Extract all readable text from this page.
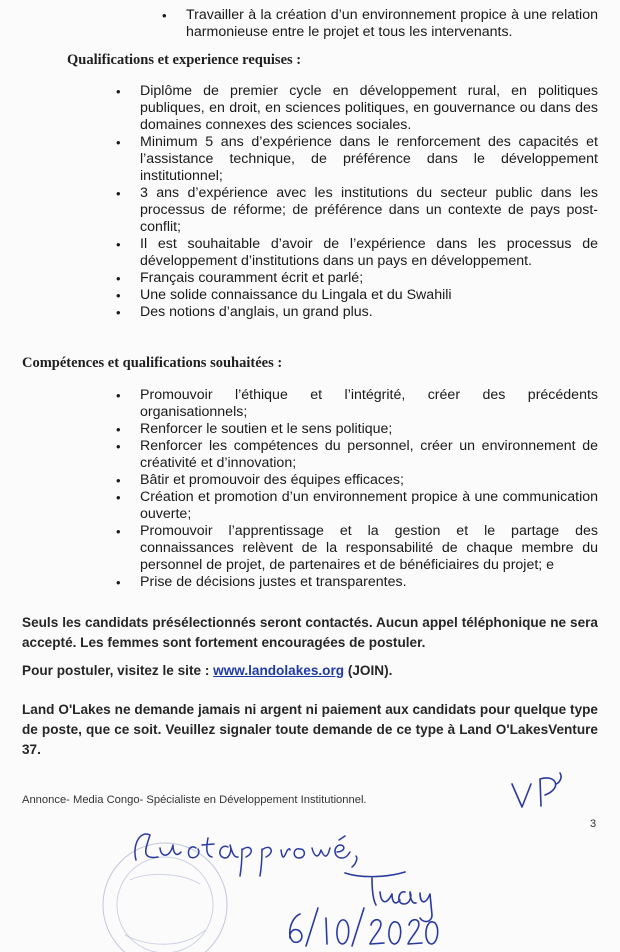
•	Travailler à la création d’un environnement propice à une relation harmonieuse entre le projet et tous les intervenants.
Qualifications et experience requises :
•	Diplôme de premier cycle en développement rural, en politiques publiques, en droit, en sciences politiques, en gouvernance ou dans des domaines connexes des sciences sociales.
•	Minimum 5 ans d’expérience dans le renforcement des capacités et l’assistance technique, de préférence dans le développement institutionnel;
•	3 ans d’expérience avec les institutions du secteur public dans les processus de réforme; de préférence dans un contexte de pays post-conflit;
•	Il est souhaitable d’avoir de l’expérience dans les processus de développement d’institutions dans un pays en développement.
•	Français couramment écrit et parlé;
•	Une solide connaissance du Lingala et du Swahili
•	Des notions d’anglais, un grand plus.
Compétences et qualifications souhaitées :
•	Promouvoir l’éthique et l’intégrité, créer des précédents organisationnels;
•	Renforcer le soutien et le sens politique;
•	Renforcer les compétences du personnel, créer un environnement de créativité et d’innovation;
•	Bâtir et promouvoir des équipes efficaces;
•	Création et promotion d’un environnement propice à une communication ouverte;
•	Promouvoir l’apprentissage et la gestion et le partage des connaissances relèvent de la responsabilité de chaque membre du personnel de projet, de partenaires et de bénéficiaires du projet; e
•	Prise de décisions justes et transparentes.
Seuls les candidats présélectionnés seront contactés. Aucun appel téléphonique ne sera accepté. Les femmes sont fortement encouragées de postuler.
Pour postuler, visitez le site : www.landolakes.org (JOIN).
Land O'Lakes ne demande jamais ni argent ni paiement aux candidats pour quelque type de poste, que ce soit. Veuillez signaler toute demande de ce type à Land O'LakesVenture 37.
Annonce- Media Congo- Spécialiste en Développement Institutionnel.
3
